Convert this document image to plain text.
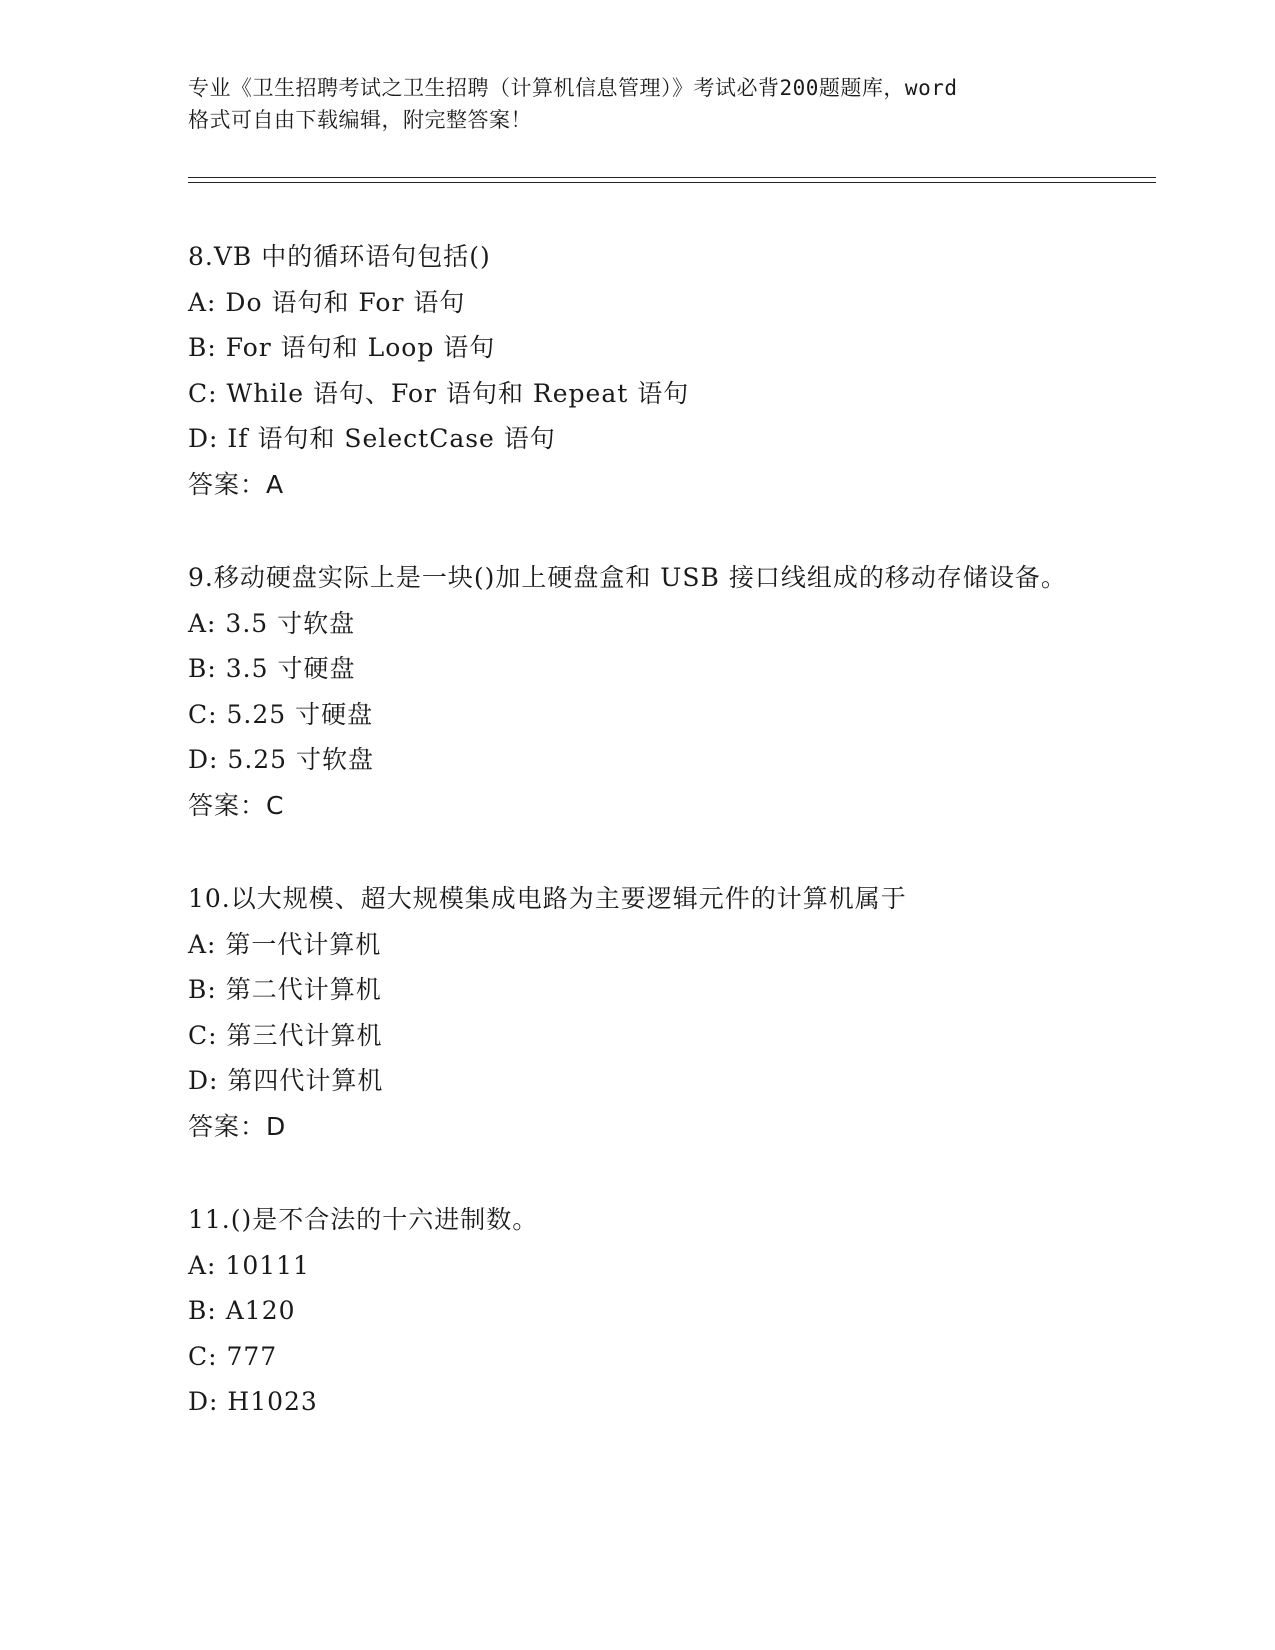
专业《卫生招聘考试之卫生招聘（计算机信息管理）》考试必背200题题库，word
格式可自由下载编辑，附完整答案！
8.VB 中的循环语句包括()
A: Do 语句和 For 语句
B: For 语句和 Loop 语句
C: While 语句、For 语句和 Repeat 语句
D: If 语句和 SelectCase 语句
答案：A
9.移动硬盘实际上是一块()加上硬盘盒和 USB 接口线组成的移动存储设备。
A: 3.5 寸软盘
B: 3.5 寸硬盘
C: 5.25 寸硬盘
D: 5.25 寸软盘
答案：C
10.以大规模、超大规模集成电路为主要逻辑元件的计算机属于
A: 第一代计算机
B: 第二代计算机
C: 第三代计算机
D: 第四代计算机
答案：D
11.()是不合法的十六进制数。
A: 10111
B: A120
C: 777
D: H1023
